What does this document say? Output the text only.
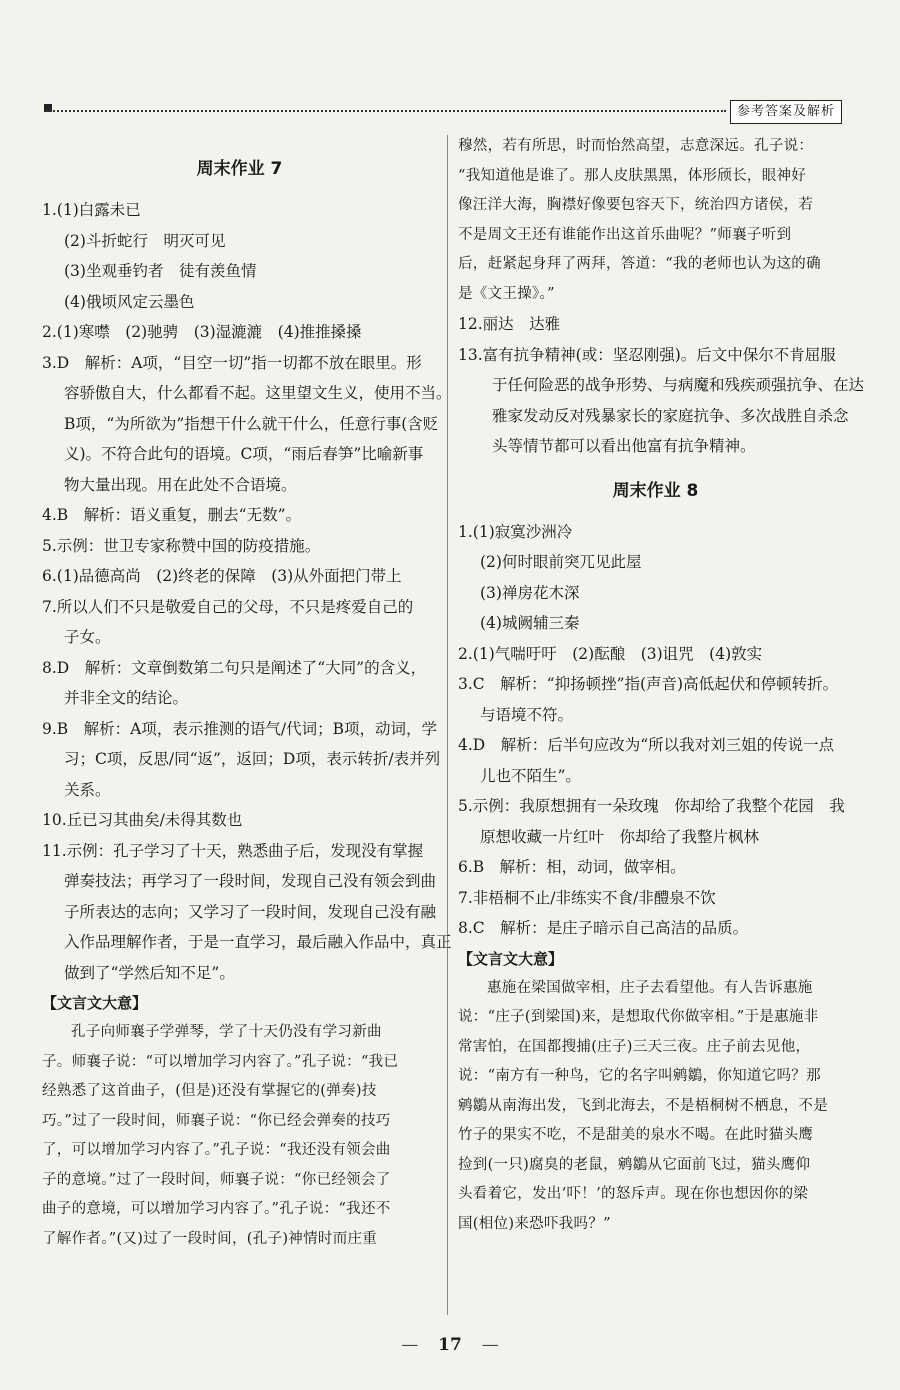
参考答案及解析
周末作业 7
1.(1)白露未已
(2)斗折蛇行　明灭可见
(3)坐观垂钓者　徒有羡鱼情
(4)俄顷风定云墨色
2.(1)寒噤　(2)驰骋　(3)湿漉漉　(4)推推搡搡
3.D　解析：A项，“目空一切”指一切都不放在眼里。形
容骄傲自大，什么都看不起。这里望文生义，使用不当。
B项，“为所欲为”指想干什么就干什么，任意行事(含贬
义)。不符合此句的语境。C项，“雨后春笋”比喻新事
物大量出现。用在此处不合语境。
4.B　解析：语义重复，删去“无数”。
5.示例：世卫专家称赞中国的防疫措施。
6.(1)品德高尚　(2)终老的保障　(3)从外面把门带上
7.所以人们不只是敬爱自己的父母，不只是疼爱自己的
子女。
8.D　解析：文章倒数第二句只是阐述了“大同”的含义，
并非全文的结论。
9.B　解析：A项，表示推测的语气/代词；B项，动词，学
习；C项，反思/同“返”，返回；D项，表示转折/表并列
关系。
10.丘已习其曲矣/未得其数也
11.示例：孔子学习了十天，熟悉曲子后，发现没有掌握
弹奏技法；再学习了一段时间，发现自己没有领会到曲
子所表达的志向；又学习了一段时间，发现自己没有融
入作品理解作者，于是一直学习，最后融入作品中，真正
做到了“学然后知不足”。
【文言文大意】
孔子向师襄子学弹琴，学了十天仍没有学习新曲
子。师襄子说：“可以增加学习内容了。”孔子说：“我已
经熟悉了这首曲子，(但是)还没有掌握它的(弹奏)技
巧。”过了一段时间，师襄子说：“你已经会弹奏的技巧
了，可以增加学习内容了。”孔子说：“我还没有领会曲
子的意境。”过了一段时间，师襄子说：“你已经领会了
曲子的意境，可以增加学习内容了。”孔子说：“我还不
了解作者。”(又)过了一段时间，(孔子)神情时而庄重
穆然，若有所思，时而怡然高望，志意深远。孔子说：
“我知道他是谁了。那人皮肤黑黑，体形颀长，眼神好
像汪洋大海，胸襟好像要包容天下，统治四方诸侯，若
不是周文王还有谁能作出这首乐曲呢？”师襄子听到
后，赶紧起身拜了两拜，答道：“我的老师也认为这的确
是《文王操》。”
12.丽达　达雅
13.富有抗争精神(或：坚忍刚强)。后文中保尔不肯屈服
于任何险恶的战争形势、与病魔和残疾顽强抗争、在达
雅家发动反对残暴家长的家庭抗争、多次战胜自杀念
头等情节都可以看出他富有抗争精神。
周末作业 8
1.(1)寂寞沙洲冷
(2)何时眼前突兀见此屋
(3)禅房花木深
(4)城阙辅三秦
2.(1)气喘吁吁　(2)酝酿　(3)诅咒　(4)敦实
3.C　解析：“抑扬顿挫”指(声音)高低起伏和停顿转折。
与语境不符。
4.D　解析：后半句应改为“所以我对刘三姐的传说一点
儿也不陌生”。
5.示例：我原想拥有一朵玫瑰　你却给了我整个花园　我
原想收藏一片红叶　你却给了我整片枫林
6.B　解析：相，动词，做宰相。
7.非梧桐不止/非练实不食/非醴泉不饮
8.C　解析：是庄子暗示自己高洁的品质。
【文言文大意】
惠施在梁国做宰相，庄子去看望他。有人告诉惠施
说：“庄子(到梁国)来，是想取代你做宰相。”于是惠施非
常害怕，在国都搜捕(庄子)三天三夜。庄子前去见他，
说：“南方有一种鸟，它的名字叫鹓鶵，你知道它吗？那
鹓鶵从南海出发，飞到北海去，不是梧桐树不栖息，不是
竹子的果实不吃，不是甜美的泉水不喝。在此时猫头鹰
捡到(一只)腐臭的老鼠，鹓鶵从它面前飞过，猫头鹰仰
头看着它，发出‘吓！’的怒斥声。现在你也想因你的梁
国(相位)来恐吓我吗？”
— 17 —
